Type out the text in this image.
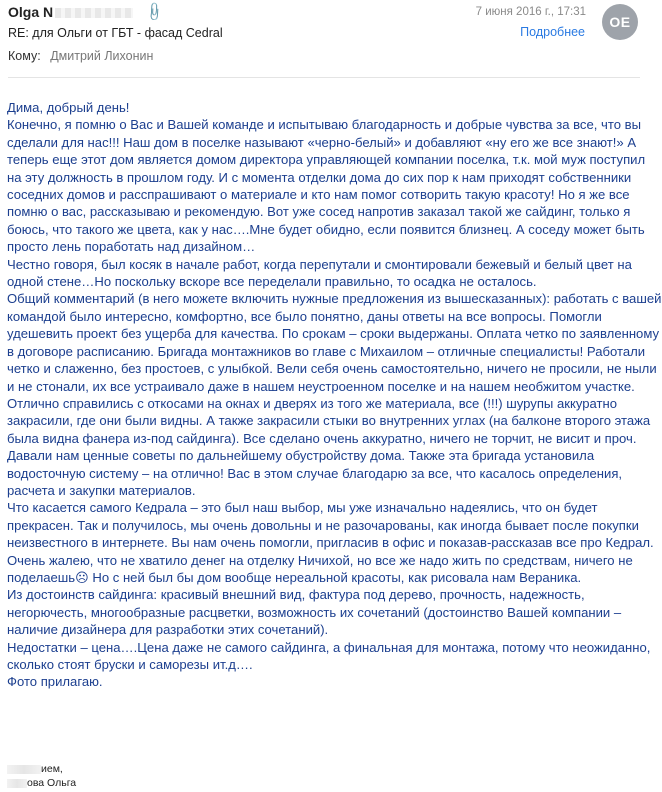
Olga N	📎	7 июня 2016 г., 17:31
Подробнее
OE
RE: для Ольги от ГБТ - фасад Cedral
Кому: Дмитрий Лихонин

Дима, добрый день!

Конечно, я помню о Вас и Вашей команде и испытываю благодарность и добрые чувства за все, что вы сделали для нас!!! Наш дом в поселке называют «черно-белый» и добавляют «ну его же все знают!» А теперь еще этот дом является домом директора управляющей компании поселка, т.к. мой муж поступил на эту должность в прошлом году. И с момента отделки дома до сих пор к нам приходят собственники соседних домов и расспрашивают о материале и кто нам помог сотворить такую красоту! Но я же все помню о вас, рассказываю и рекомендую. Вот уже сосед напротив заказал такой же сайдинг, только я боюсь, что такого же цвета, как у нас….Мне будет обидно, если появится близнец. А соседу может быть просто лень поработать над дизайном…

Честно говоря, был косяк в начале работ, когда перепутали и смонтировали бежевый и белый цвет на одной стене…Но поскольку вскоре все переделали правильно, то осадка не осталось.

Общий комментарий (в него можете включить нужные предложения из вышесказанных): работать с вашей командой было интересно, комфортно, все было понятно, даны ответы на все вопросы. Помогли удешевить проект без ущерба для качества. По срокам – сроки выдержаны. Оплата четко по заявленному в договоре расписанию. Бригада монтажников во главе с Михаилом – отличные специалисты! Работали четко и слаженно, без простоев, с улыбкой. Вели себя очень самостоятельно, ничего не просили, не ныли и не стонали, их все устраивало даже в нашем неустроенном поселке и на нашем необжитом участке. Отлично справились с откосами на окнах и дверях из того же материала, все (!!!) шурупы аккуратно закрасили, где они были видны. А также закрасили стыки во внутренних углах (на балконе второго этажа была видна фанера из-под сайдинга). Все сделано очень аккуратно, ничего не торчит, не висит и проч. Давали нам ценные советы по дальнейшему обустройству дома. Также эта бригада установила водосточную систему – на отлично! Вас в этом случае благодарю за все, что касалось определения, расчета и закупки материалов.

Что касается самого Кедрала – это был наш выбор, мы уже изначально надеялись, что он будет прекрасен. Так и получилось, мы очень довольны и не разочарованы, как иногда бывает после покупки неизвестного в интернете. Вы нам очень помогли, пригласив в офис и показав-рассказав все про Кедрал. Очень жалею, что не хватило денег на отделку Ничихой, но все же надо жить по средствам, ничего не поделаешь☹ Но с ней был бы дом вообще нереальной красоты, как рисовала нам Вераника.

Из достоинств сайдинга: красивый внешний вид, фактура под дерево, прочность, надежность, негорючесть, многообразные расцветки, возможность их сочетаний (достоинство Вашей компании – наличие дизайнера для разработки этих сочетаний).

Недостатки – цена….Цена даже не самого сайдинга, а финальная для монтажа, потому что неожиданно, сколько стоят бруски и саморезы ит.д….

Фото прилагаю.

ием,
ова Ольга
